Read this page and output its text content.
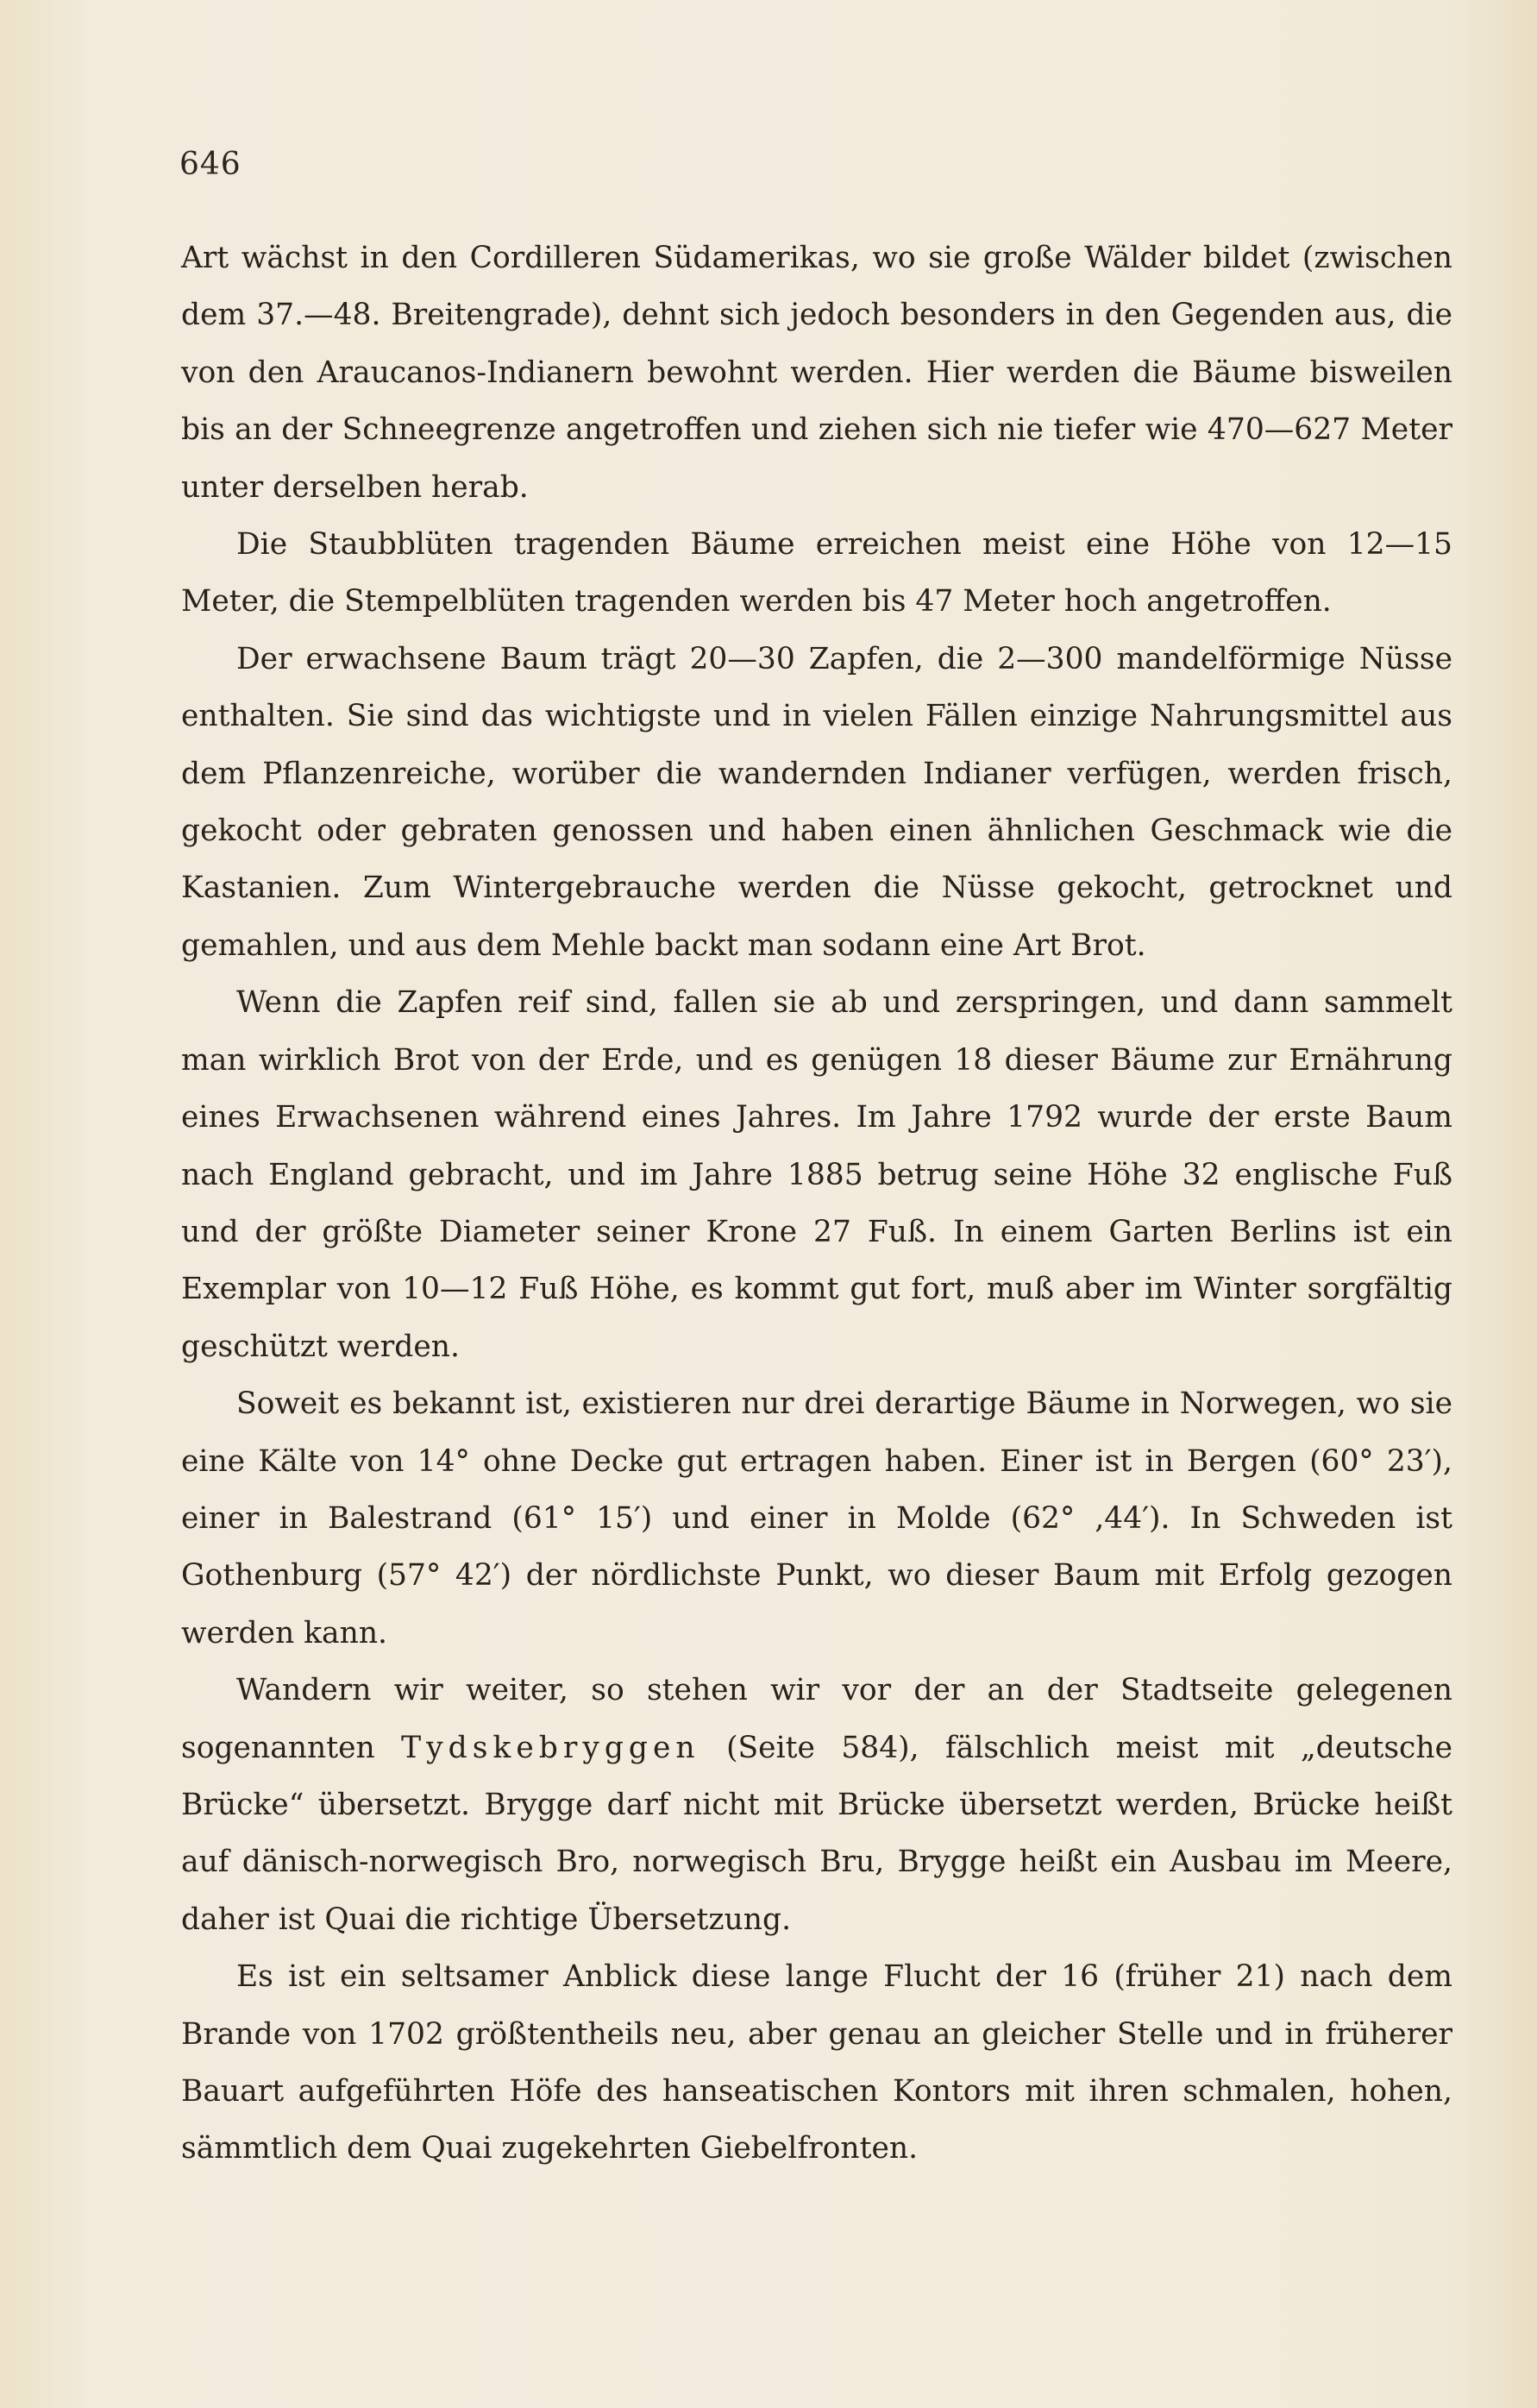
646

Art wächst in den Cordilleren Südamerikas, wo sie große Wälder bildet (zwischen dem 37.—48. Breitengrade), dehnt sich jedoch besonders in den Gegenden aus, die von den Araucanos-Indianern bewohnt werden. Hier werden die Bäume bisweilen bis an der Schneegrenze angetroffen und ziehen sich nie tiefer wie 470—627 Meter unter derselben herab.

Die Staubblüten tragenden Bäume erreichen meist eine Höhe von 12—15 Meter, die Stempelblüten tragenden werden bis 47 Meter hoch angetroffen.

Der erwachsene Baum trägt 20—30 Zapfen, die 2—300 mandelförmige Nüsse enthalten. Sie sind das wichtigste und in vielen Fällen einzige Nahrungsmittel aus dem Pflanzenreiche, worüber die wandernden Indianer verfügen, werden frisch, gekocht oder gebraten genossen und haben einen ähnlichen Geschmack wie die Kastanien. Zum Wintergebrauche werden die Nüsse gekocht, getrocknet und gemahlen, und aus dem Mehle backt man sodann eine Art Brot.

Wenn die Zapfen reif sind, fallen sie ab und zerspringen, und dann sammelt man wirklich Brot von der Erde, und es genügen 18 dieser Bäume zur Ernährung eines Erwachsenen während eines Jahres. Im Jahre 1792 wurde der erste Baum nach England gebracht, und im Jahre 1885 betrug seine Höhe 32 englische Fuß und der größte Diameter seiner Krone 27 Fuß. In einem Garten Berlins ist ein Exemplar von 10—12 Fuß Höhe, es kommt gut fort, muß aber im Winter sorgfältig geschützt werden.

Soweit es bekannt ist, existieren nur drei derartige Bäume in Norwegen, wo sie eine Kälte von 14° ohne Decke gut ertragen haben. Einer ist in Bergen (60° 23′), einer in Balestrand (61° 15′) und einer in Molde (62° ,44′). In Schweden ist Gothenburg (57° 42′) der nördlichste Punkt, wo dieser Baum mit Erfolg gezogen werden kann.

Wandern wir weiter, so stehen wir vor der an der Stadtseite gelegenen sogenannten Tydskebryggen (Seite 584), fälschlich meist mit „deutsche Brücke“ übersetzt. Brygge darf nicht mit Brücke übersetzt werden, Brücke heißt auf dänisch-norwegisch Bro, norwegisch Bru, Brygge heißt ein Ausbau im Meere, daher ist Quai die richtige Übersetzung.

Es ist ein seltsamer Anblick diese lange Flucht der 16 (früher 21) nach dem Brande von 1702 größtentheils neu, aber genau an gleicher Stelle und in früherer Bauart aufgeführten Höfe des hanseatischen Kontors mit ihren schmalen, hohen, sämmtlich dem Quai zugekehrten Giebelfronten.
